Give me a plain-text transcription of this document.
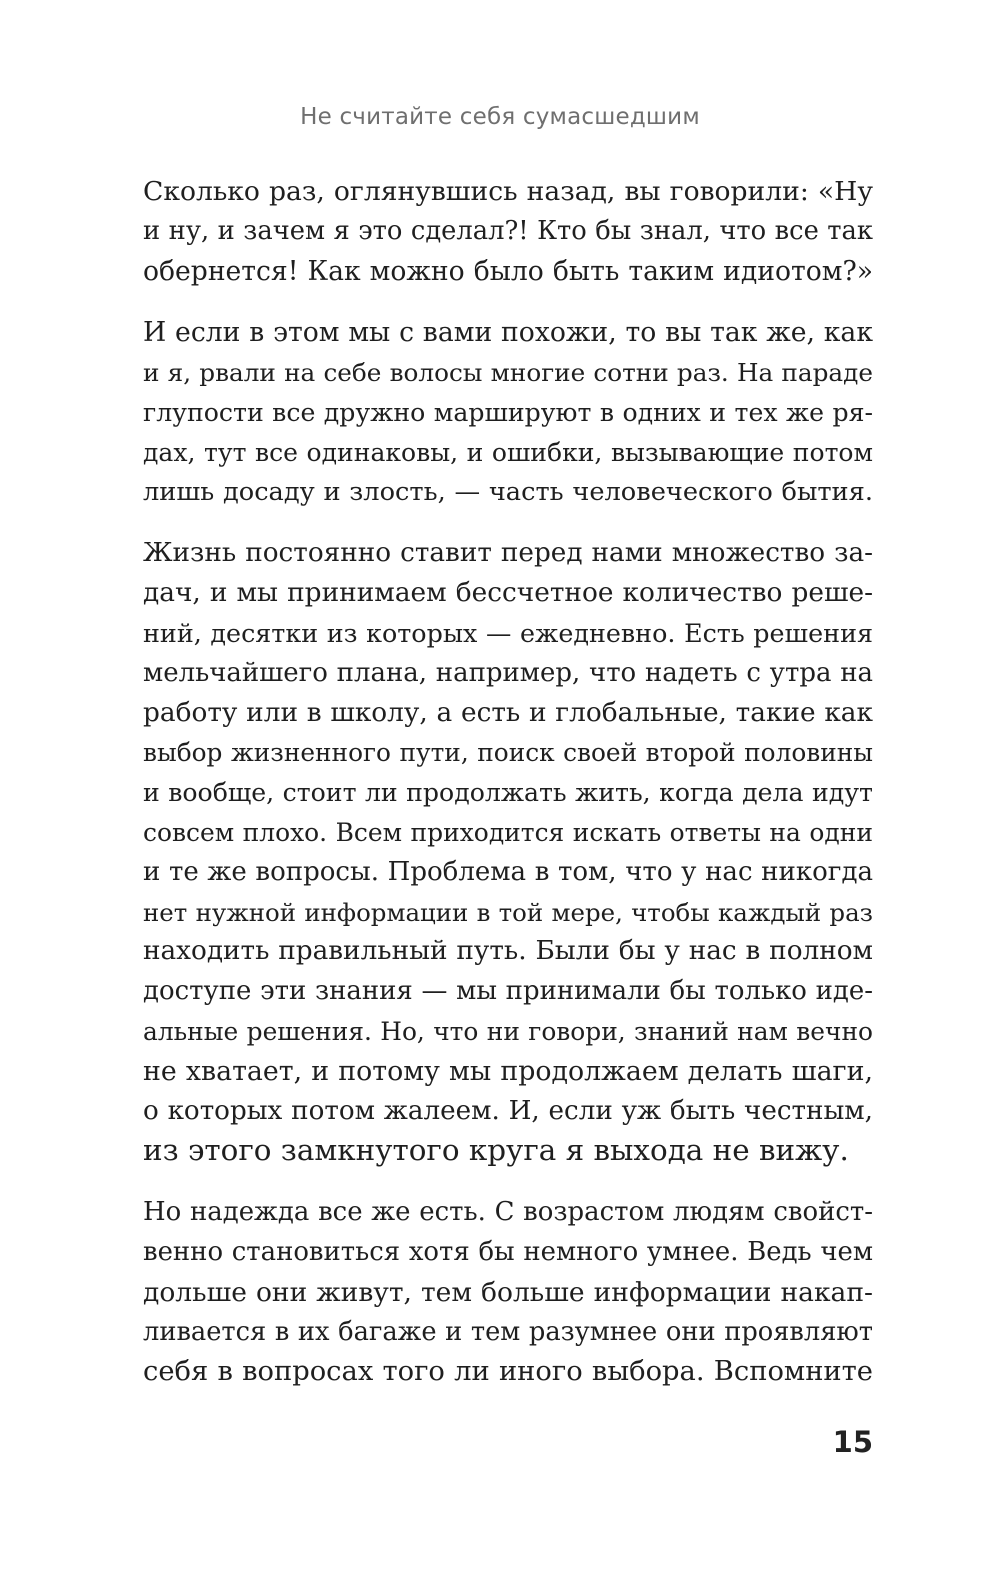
Не считайте себя сумасшедшим
Сколько раз, оглянувшись назад, вы говорили: «Ну
и ну, и зачем я это сделал?! Кто бы знал, что все так
обернется! Как можно было быть таким идиотом?»
И если в этом мы с вами похожи, то вы так же, как
и я, рвали на себе волосы многие сотни раз. На параде
глупости все дружно маршируют в одних и тех же ря-
дах, тут все одинаковы, и ошибки, вызывающие потом
лишь досаду и злость, — часть человеческого бытия.
Жизнь постоянно ставит перед нами множество за-
дач, и мы принимаем бессчетное количество реше-
ний, десятки из которых — ежедневно. Есть решения
мельчайшего плана, например, что надеть с утра на
работу или в школу, а есть и глобальные, такие как
выбор жизненного пути, поиск своей второй половины
и вообще, стоит ли продолжать жить, когда дела идут
совсем плохо. Всем приходится искать ответы на одни
и те же вопросы. Проблема в том, что у нас никогда
нет нужной информации в той мере, чтобы каждый раз
находить правильный путь. Были бы у нас в полном
доступе эти знания — мы принимали бы только иде-
альные решения. Но, что ни говори, знаний нам вечно
не хватает, и потому мы продолжаем делать шаги,
о которых потом жалеем. И, если уж быть честным,
из этого замкнутого круга я выхода не вижу.
Но надежда все же есть. С возрастом людям свойст-
венно становиться хотя бы немного умнее. Ведь чем
дольше они живут, тем больше информации накап-
ливается в их багаже и тем разумнее они проявляют
себя в вопросах того ли иного выбора. Вспомните
15
